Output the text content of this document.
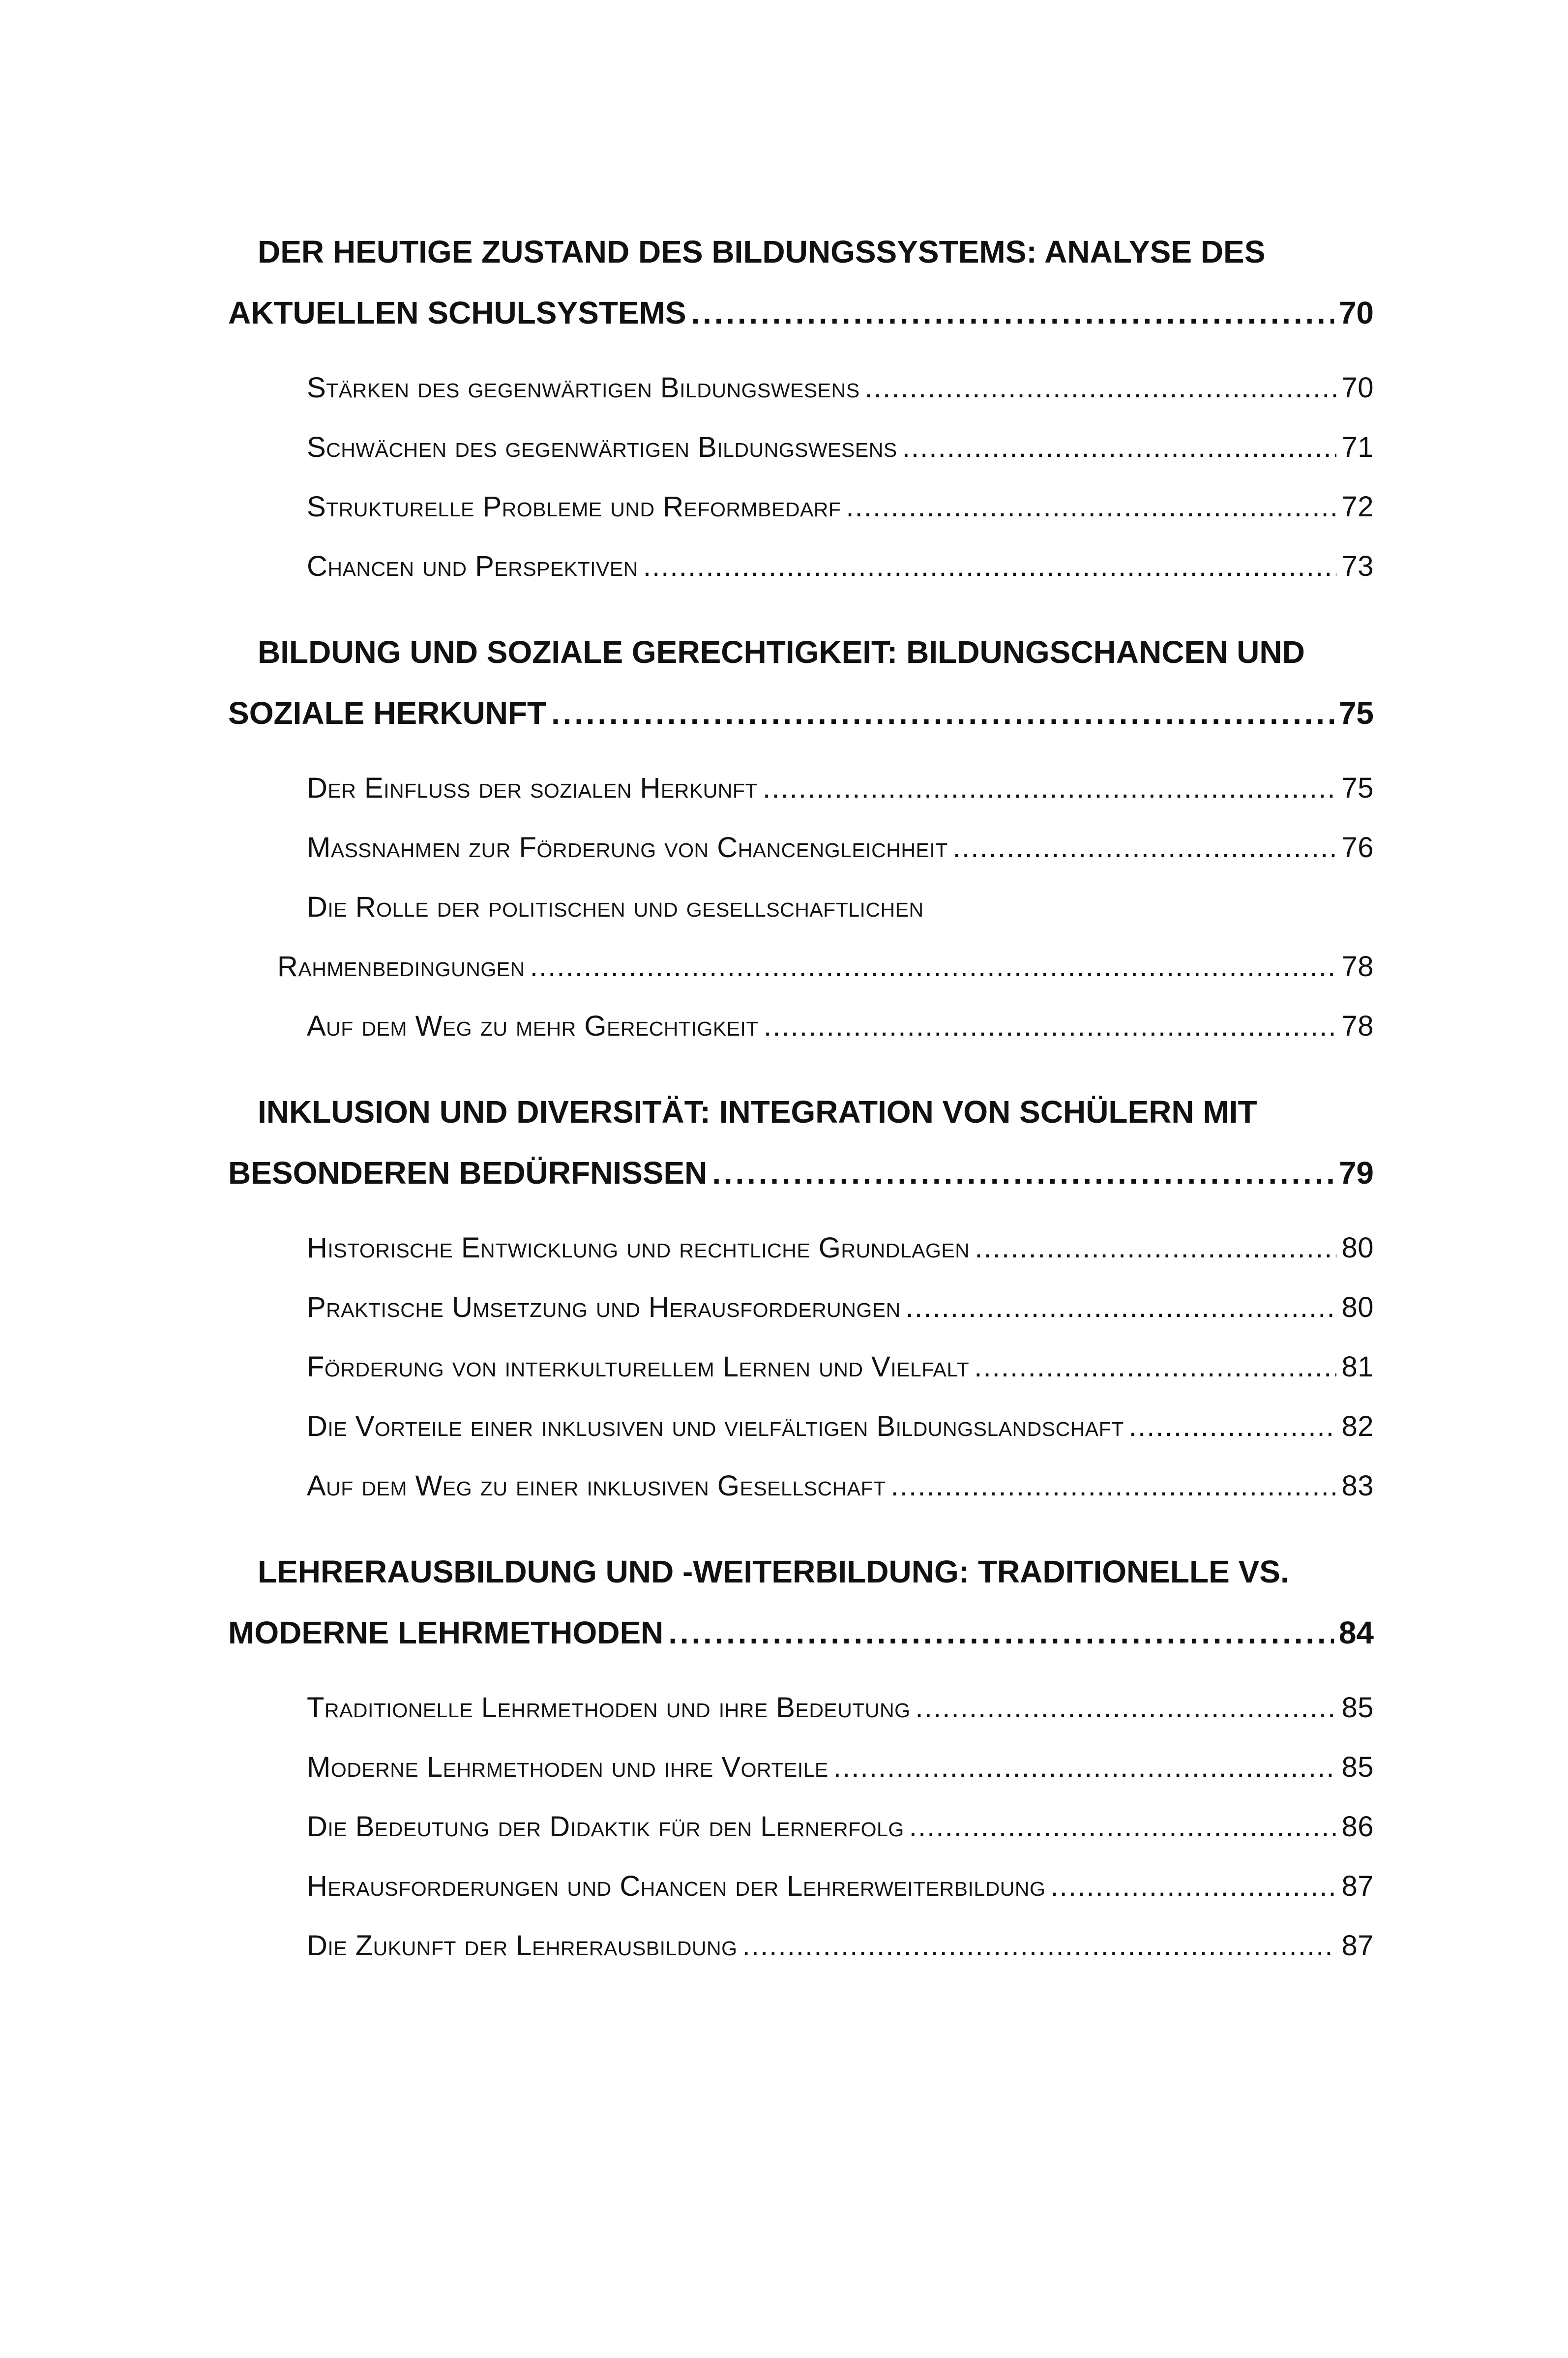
DER HEUTIGE ZUSTAND DES BILDUNGSSYSTEMS: ANALYSE DES
AKTUELLEN SCHULSYSTEMS . . .	70
Stärken des gegenwärtigen Bildungswesens . . .	70
Schwächen des gegenwärtigen Bildungswesens . . .	71
Strukturelle Probleme und Reformbedarf . . .	72
Chancen und Perspektiven . . .	73
BILDUNG UND SOZIALE GERECHTIGKEIT: BILDUNGSCHANCEN UND
SOZIALE HERKUNFT . . .	75
Der Einfluss der sozialen Herkunft . . .	75
Maßnahmen zur Förderung von Chancengleichheit . . .	76
Die Rolle der politischen und gesellschaftlichen
Rahmenbedingungen . . .	78
Auf dem Weg zu mehr Gerechtigkeit . . .	78
INKLUSION UND DIVERSITÄT: INTEGRATION VON SCHÜLERN MIT
BESONDEREN BEDÜRFNISSEN . . .	79
Historische Entwicklung und rechtliche Grundlagen . . .	80
Praktische Umsetzung und Herausforderungen . . .	80
Förderung von interkulturellem Lernen und Vielfalt . . .	81
Die Vorteile einer inklusiven und vielfältigen Bildungslandschaft . . .	82
Auf dem Weg zu einer inklusiven Gesellschaft . . .	83
LEHRERAUSBILDUNG UND -WEITERBILDUNG: TRADITIONELLE VS.
MODERNE LEHRMETHODEN . . .	84
Traditionelle Lehrmethoden und ihre Bedeutung . . .	85
Moderne Lehrmethoden und ihre Vorteile . . .	85
Die Bedeutung der Didaktik für den Lernerfolg . . .	86
Herausforderungen und Chancen der Lehrerweiterbildung . . .	87
Die Zukunft der Lehrerausbildung . . .	87
